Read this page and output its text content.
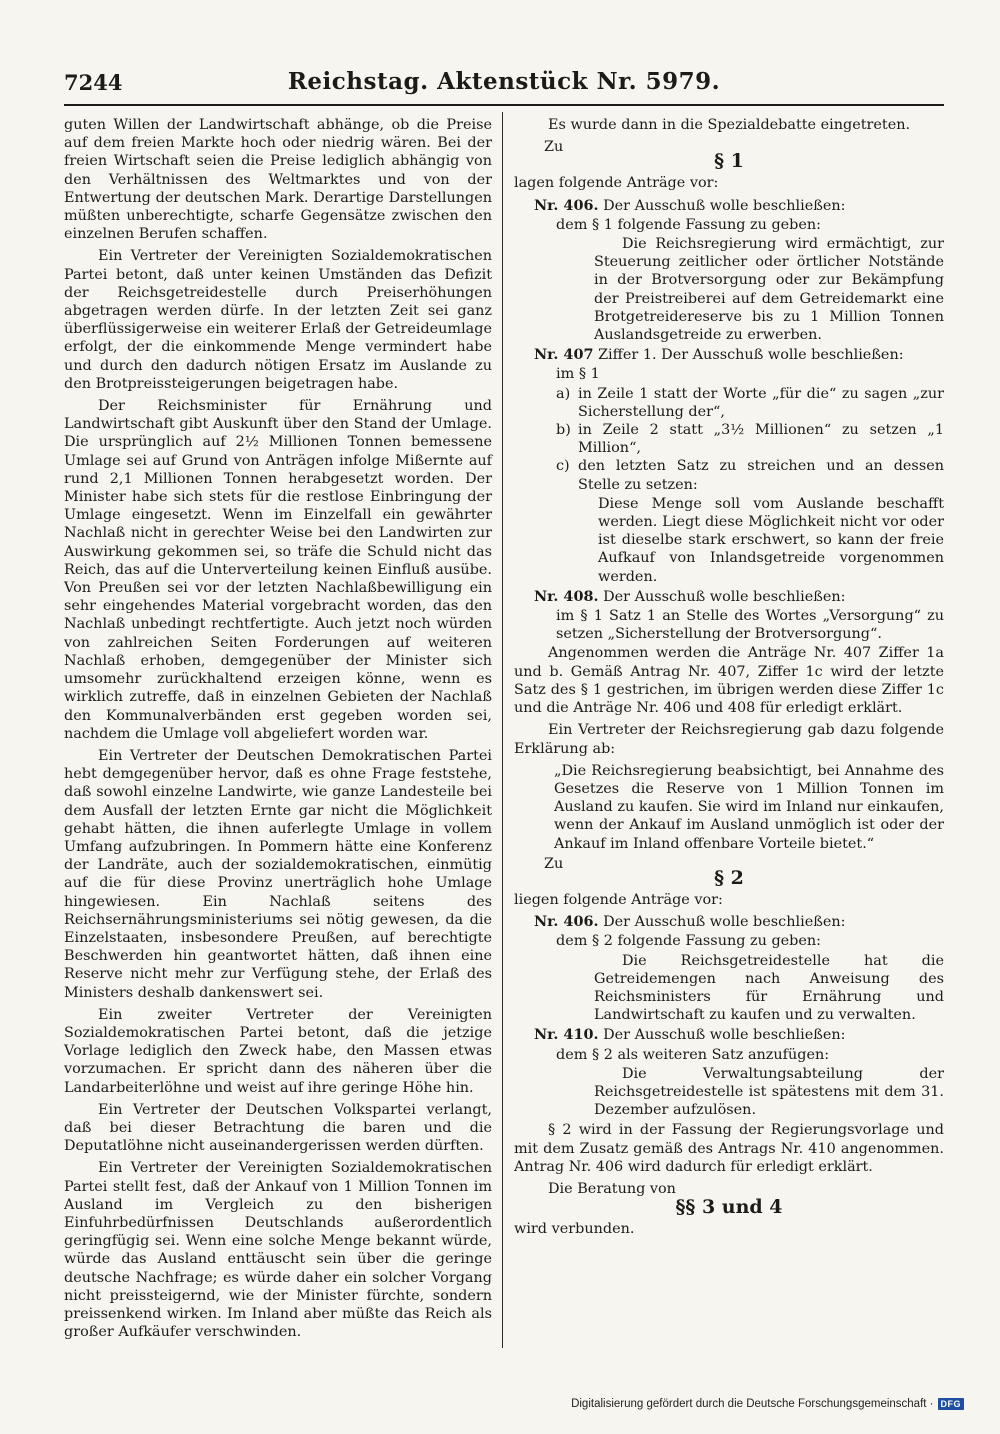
7244	Reichstag. Aktenstück Nr. 5979.

guten Willen der Landwirtschaft abhänge, ob die Preise auf dem freien Markte hoch oder niedrig wären. Bei der freien Wirtschaft seien die Preise lediglich abhängig von den Verhältnissen des Weltmarktes und von der Entwertung der deutschen Mark. Derartige Darstellungen müßten unberechtigte, scharfe Gegensätze zwischen den einzelnen Berufen schaffen.

Ein Vertreter der Vereinigten Sozialdemokratischen Partei betont, daß unter keinen Umständen das Defizit der Reichsgetreidestelle durch Preiserhöhungen abgetragen werden dürfe. In der letzten Zeit sei ganz überflüssigerweise ein weiterer Erlaß der Getreideumlage erfolgt, der die einkommende Menge vermindert habe und durch den dadurch nötigen Ersatz im Auslande zu den Brotpreissteigerungen beigetragen habe.

Der Reichsminister für Ernährung und Landwirtschaft gibt Auskunft über den Stand der Umlage. Die ursprünglich auf 2½ Millionen Tonnen bemessene Umlage sei auf Grund von Anträgen infolge Mißernte auf rund 2,1 Millionen Tonnen herabgesetzt worden. Der Minister habe sich stets für die restlose Einbringung der Umlage eingesetzt. Wenn im Einzelfall ein gewährter Nachlaß nicht in gerechter Weise bei den Landwirten zur Auswirkung gekommen sei, so träfe die Schuld nicht das Reich, das auf die Unterverteilung keinen Einfluß ausübe. Von Preußen sei vor der letzten Nachlaßbewilligung ein sehr eingehendes Material vorgebracht worden, das den Nachlaß unbedingt rechtfertigte. Auch jetzt noch würden von zahlreichen Seiten Forderungen auf weiteren Nachlaß erhoben, demgegenüber der Minister sich umsomehr zurückhaltend erzeigen könne, wenn es wirklich zutreffe, daß in einzelnen Gebieten der Nachlaß den Kommunalverbänden erst gegeben worden sei, nachdem die Umlage voll abgeliefert worden war.

Ein Vertreter der Deutschen Demokratischen Partei hebt demgegenüber hervor, daß es ohne Frage feststehe, daß sowohl einzelne Landwirte, wie ganze Landesteile bei dem Ausfall der letzten Ernte gar nicht die Möglichkeit gehabt hätten, die ihnen auferlegte Umlage in vollem Umfang aufzubringen. In Pommern hätte eine Konferenz der Landräte, auch der sozialdemokratischen, einmütig auf die für diese Provinz unerträglich hohe Umlage hingewiesen. Ein Nachlaß seitens des Reichsernährungsministeriums sei nötig gewesen, da die Einzelstaaten, insbesondere Preußen, auf berechtigte Beschwerden hin geantwortet hätten, daß ihnen eine Reserve nicht mehr zur Verfügung stehe, der Erlaß des Ministers deshalb dankenswert sei.

Ein zweiter Vertreter der Vereinigten Sozialdemokratischen Partei betont, daß die jetzige Vorlage lediglich den Zweck habe, den Massen etwas vorzumachen. Er spricht dann des näheren über die Landarbeiterlöhne und weist auf ihre geringe Höhe hin.

Ein Vertreter der Deutschen Volkspartei verlangt, daß bei dieser Betrachtung die baren und die Deputatlöhne nicht auseinandergerissen werden dürften.

Ein Vertreter der Vereinigten Sozialdemokratischen Partei stellt fest, daß der Ankauf von 1 Million Tonnen im Ausland im Vergleich zu den bisherigen Einfuhrbedürfnissen Deutschlands außerordentlich geringfügig sei. Wenn eine solche Menge bekannt würde, würde das Ausland enttäuscht sein über die geringe deutsche Nachfrage; es würde daher ein solcher Vorgang nicht preissteigernd, wie der Minister fürchte, sondern preissenkend wirken. Im Inland aber müßte das Reich als großer Aufkäufer verschwinden.

Es wurde dann in die Spezialdebatte eingetreten.

Zu

§ 1

lagen folgende Anträge vor:

Nr. 406. Der Ausschuß wolle beschließen:

dem § 1 folgende Fassung zu geben:

Die Reichsregierung wird ermächtigt, zur Steuerung zeitlicher oder örtlicher Notstände in der Brotversorgung oder zur Bekämpfung der Preistreiberei auf dem Getreidemarkt eine Brotgetreidereserve bis zu 1 Million Tonnen Auslandsgetreide zu erwerben.

Nr. 407 Ziffer 1. Der Ausschuß wolle beschließen:

im § 1

a) in Zeile 1 statt der Worte „für die“ zu sagen „zur Sicherstellung der“,
b) in Zeile 2 statt „3½ Millionen“ zu setzen „1 Million“,
c) den letzten Satz zu streichen und an dessen Stelle zu setzen:

Diese Menge soll vom Auslande beschafft werden. Liegt diese Möglichkeit nicht vor oder ist dieselbe stark erschwert, so kann der freie Aufkauf von Inlandsgetreide vorgenommen werden.

Nr. 408. Der Ausschuß wolle beschließen:

im § 1 Satz 1 an Stelle des Wortes „Versorgung“ zu setzen „Sicherstellung der Brotversorgung“.

Angenommen werden die Anträge Nr. 407 Ziffer 1a und b. Gemäß Antrag Nr. 407, Ziffer 1c wird der letzte Satz des § 1 gestrichen, im übrigen werden diese Ziffer 1c und die Anträge Nr. 406 und 408 für erledigt erklärt.

Ein Vertreter der Reichsregierung gab dazu folgende Erklärung ab:

„Die Reichsregierung beabsichtigt, bei Annahme des Gesetzes die Reserve von 1 Million Tonnen im Ausland zu kaufen. Sie wird im Inland nur einkaufen, wenn der Ankauf im Ausland unmöglich ist oder der Ankauf im Inland offenbare Vorteile bietet.“

Zu

§ 2

liegen folgende Anträge vor:

Nr. 406. Der Ausschuß wolle beschließen:

dem § 2 folgende Fassung zu geben:

Die Reichsgetreidestelle hat die Getreidemengen nach Anweisung des Reichsministers für Ernährung und Landwirtschaft zu kaufen und zu verwalten.

Nr. 410. Der Ausschuß wolle beschließen:

dem § 2 als weiteren Satz anzufügen:

Die Verwaltungsabteilung der Reichsgetreidestelle ist spätestens mit dem 31. Dezember aufzulösen.

§ 2 wird in der Fassung der Regierungsvorlage und mit dem Zusatz gemäß des Antrags Nr. 410 angenommen. Antrag Nr. 406 wird dadurch für erledigt erklärt.

Die Beratung von

§§ 3 und 4

wird verbunden.

Digitalisierung gefördert durch die Deutsche Forschungsgemeinschaft · DFG
